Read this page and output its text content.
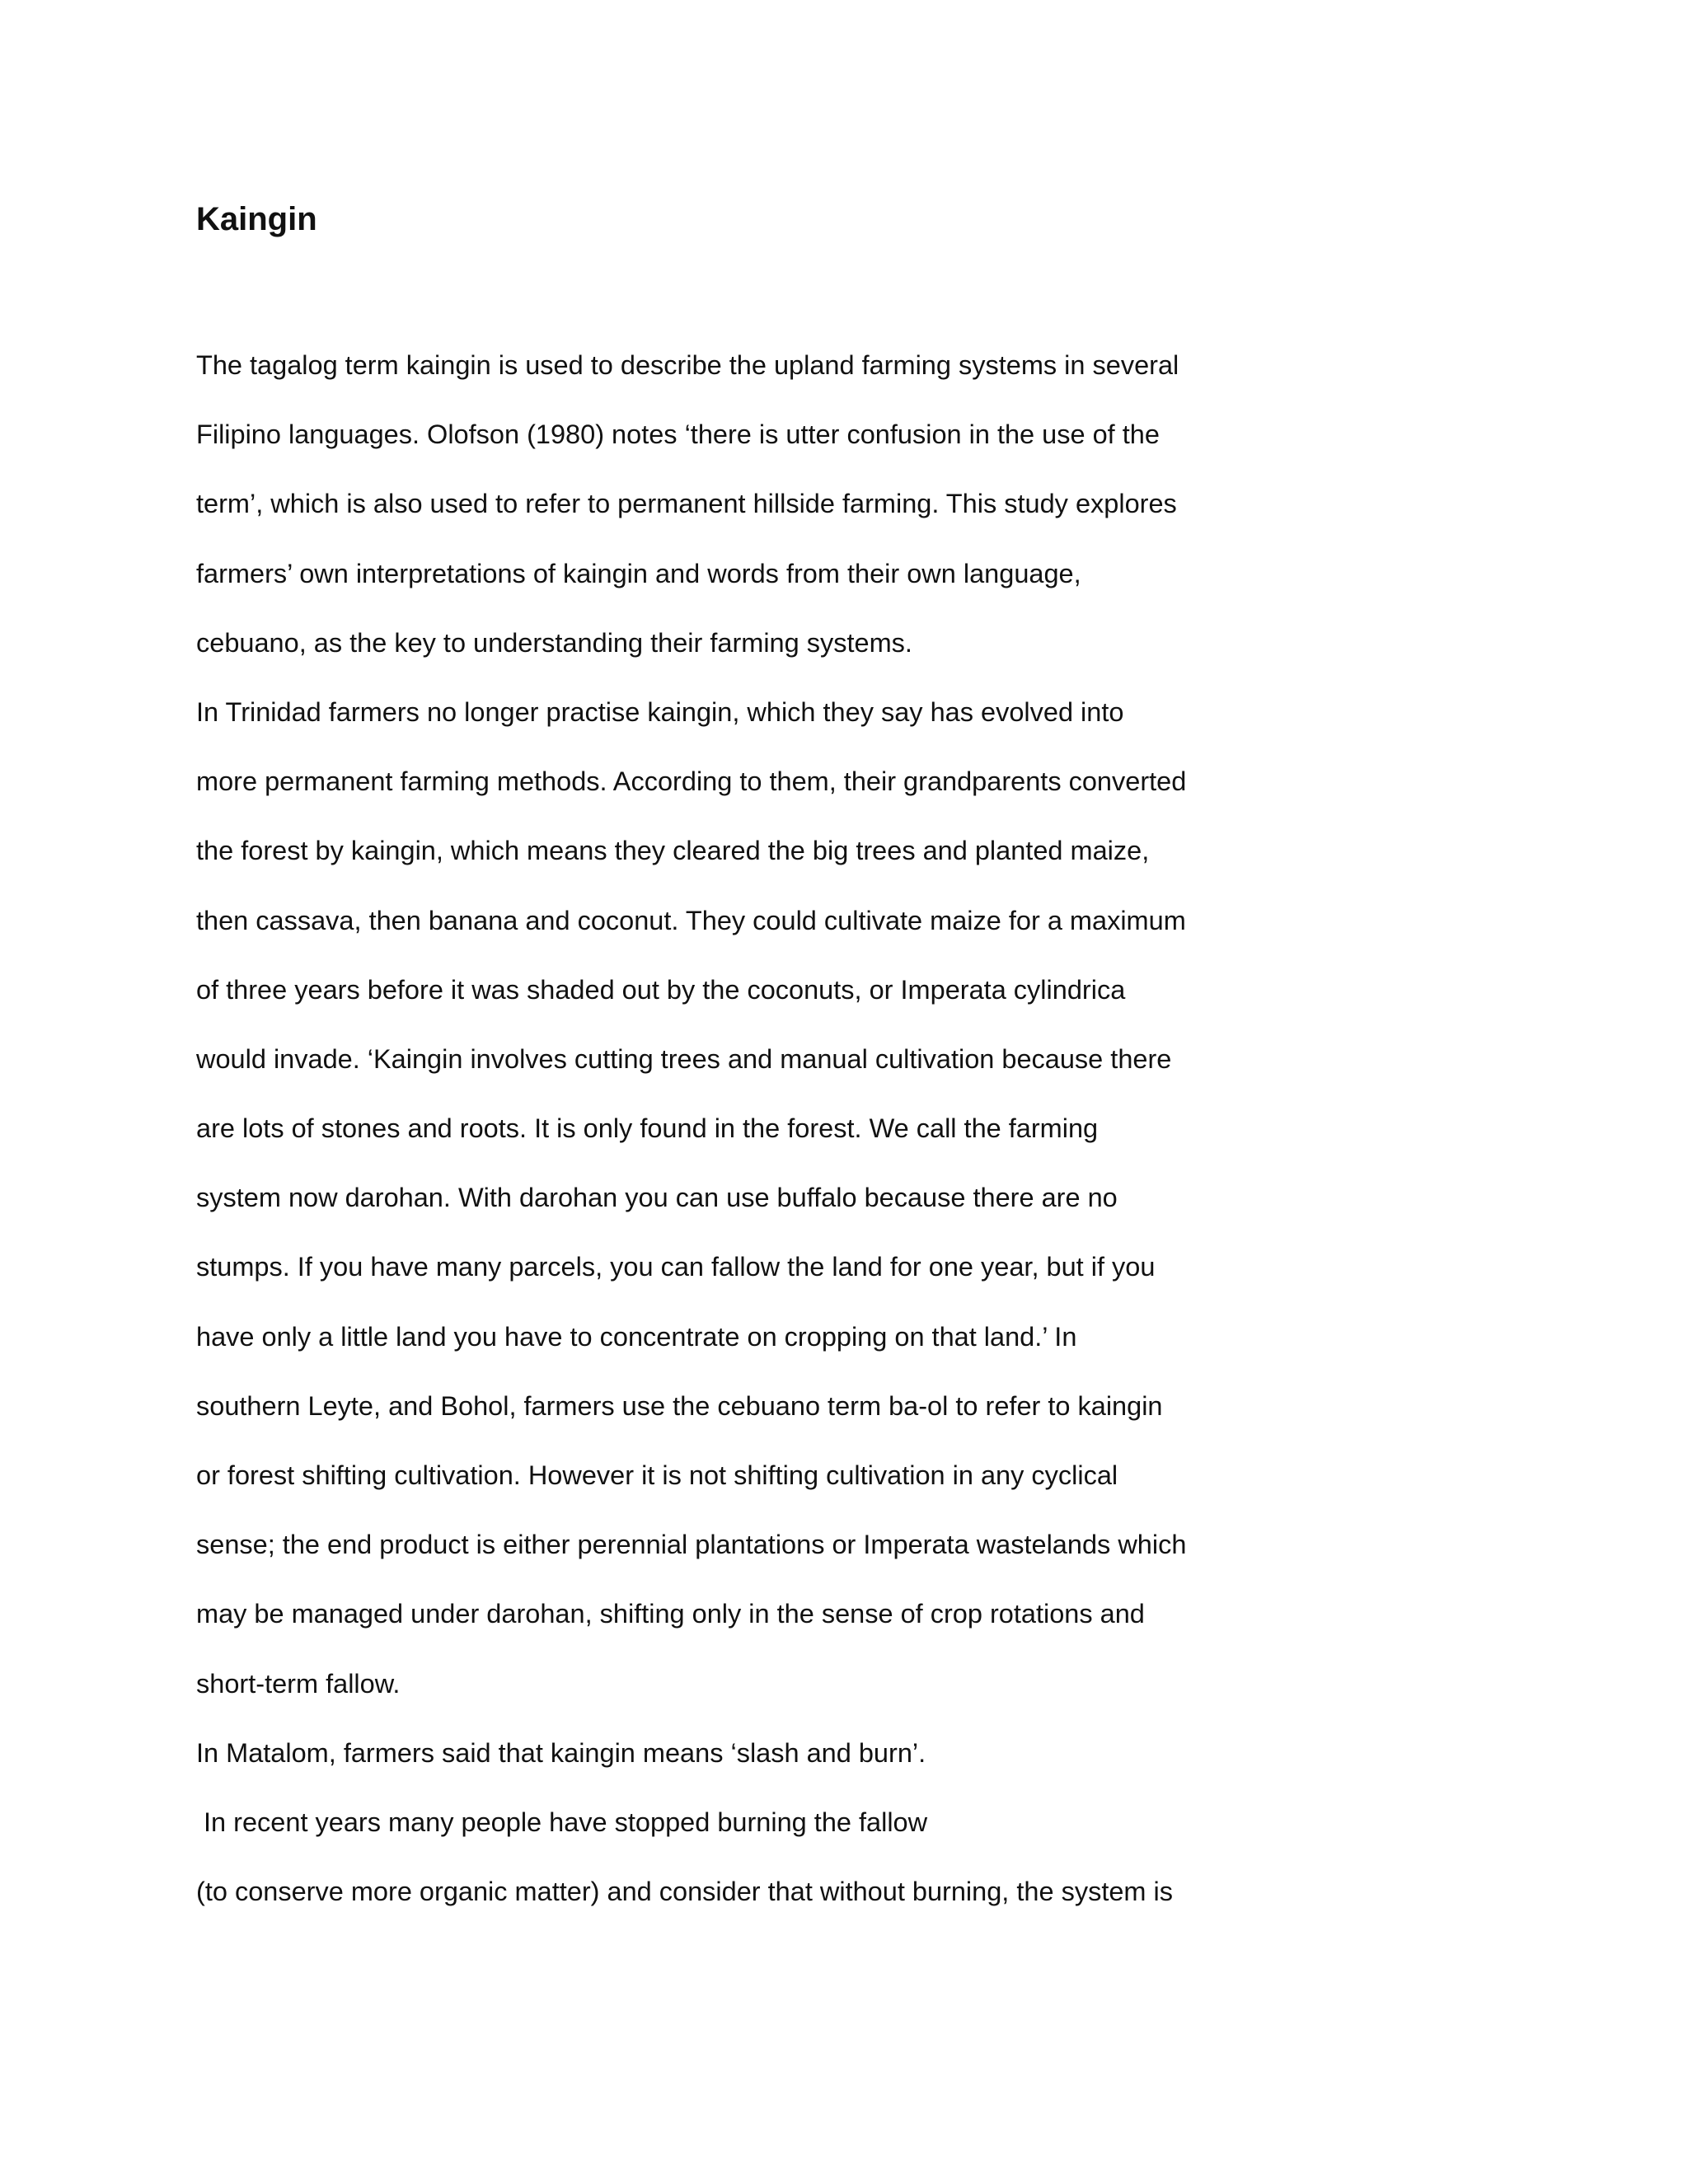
Kaingin
The tagalog term kaingin is used to describe the upland farming systems in several
Filipino languages. Olofson (1980) notes ‘there is utter confusion in the use of the
term’, which is also used to refer to permanent hillside farming. This study explores
farmers’ own interpretations of kaingin and words from their own language,
cebuano, as the key to understanding their farming systems.
In Trinidad farmers no longer practise kaingin, which they say has evolved into
more permanent farming methods. According to them, their grandparents converted
the forest by kaingin, which means they cleared the big trees and planted maize,
then cassava, then banana and coconut. They could cultivate maize for a maximum
of three years before it was shaded out by the coconuts, or Imperata cylindrica
would invade. ‘Kaingin involves cutting trees and manual cultivation because there
are lots of stones and roots. It is only found in the forest. We call the farming
system now darohan. With darohan you can use buffalo because there are no
stumps. If you have many parcels, you can fallow the land for one year, but if you
have only a little land you have to concentrate on cropping on that land.’ In
southern Leyte, and Bohol, farmers use the cebuano term ba-ol to refer to kaingin
or forest shifting cultivation. However it is not shifting cultivation in any cyclical
sense; the end product is either perennial plantations or Imperata wastelands which
may be managed under darohan, shifting only in the sense of crop rotations and
short-term fallow.
In Matalom, farmers said that kaingin means ‘slash and burn’.
In recent years many people have stopped burning the fallow
(to conserve more organic matter) and consider that without burning, the system is
